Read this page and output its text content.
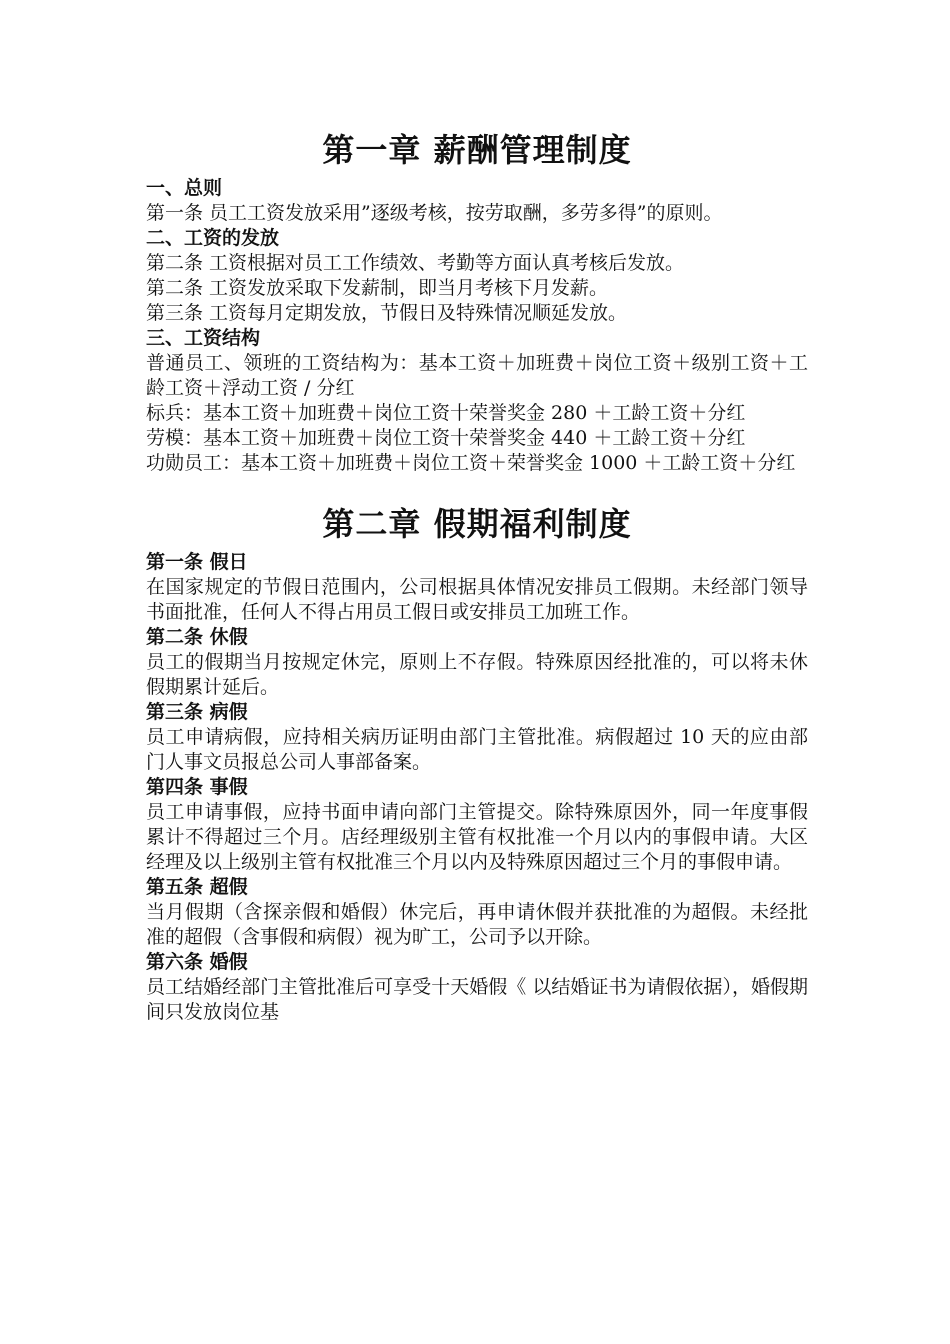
第一章 薪酬管理制度

一、总则

第一条 员工工资发放采用”逐级考核，按劳取酬，多劳多得”的原则。

二、工资的发放

第二条 工资根据对员工工作绩效、考勤等方面认真考核后发放。

第二条 工资发放采取下发薪制，即当月考核下月发薪。

第三条 工资每月定期发放，节假日及特殊情况顺延发放。

三、工资结构

普通员工、领班的工资结构为：基本工资＋加班费＋岗位工资＋级别工资＋工龄工资＋浮动工资 / 分红

标兵：基本工资＋加班费＋岗位工资十荣誉奖金 280 ＋工龄工资＋分红

劳模：基本工资＋加班费＋岗位工资十荣誉奖金 440 ＋工龄工资＋分红

功勋员工：基本工资＋加班费＋岗位工资＋荣誉奖金 1000 ＋工龄工资＋分红

第二章 假期福利制度

第一条 假日

在国家规定的节假日范围内，公司根据具体情况安排员工假期。未经部门领导书面批准，任何人不得占用员工假日或安排员工加班工作。

第二条 休假

员工的假期当月按规定休完，原则上不存假。特殊原因经批准的，可以将未休假期累计延后。

第三条 病假

员工申请病假，应持相关病历证明由部门主管批准。病假超过 10 天的应由部门人事文员报总公司人事部备案。

第四条 事假

员工申请事假，应持书面申请向部门主管提交。除特殊原因外，同一年度事假累计不得超过三个月。店经理级别主管有权批准一个月以内的事假申请。大区经理及以上级别主管有权批准三个月以内及特殊原因超过三个月的事假申请。

第五条 超假

当月假期（含探亲假和婚假）休完后，再申请休假并获批准的为超假。未经批准的超假（含事假和病假）视为旷工，公司予以开除。

第六条 婚假

员工结婚经部门主管批准后可享受十天婚假《 以结婚证书为请假依据），婚假期间只发放岗位基
